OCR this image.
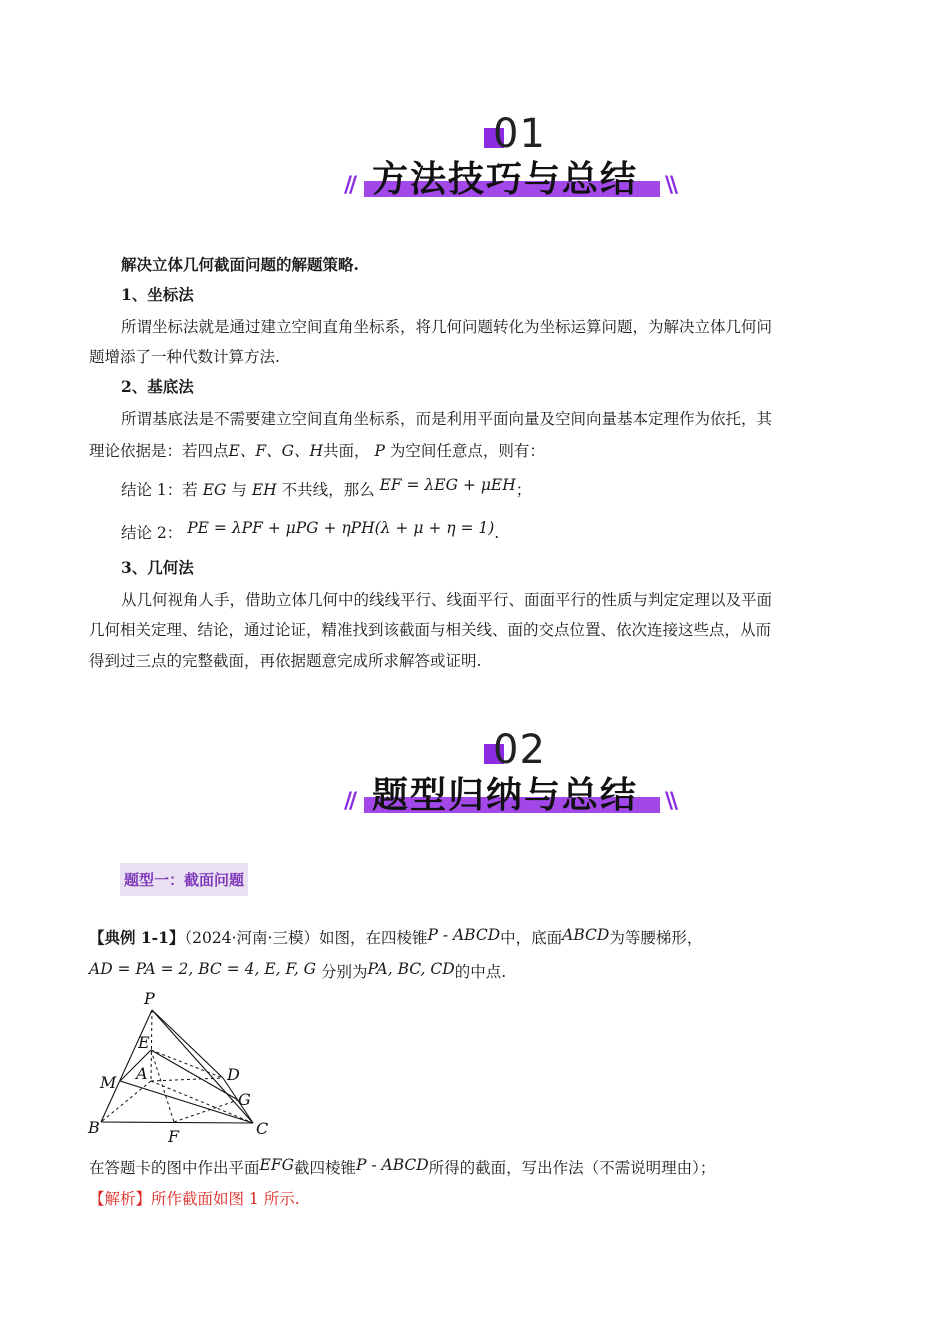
01
方法技巧与总结
//	\\
解决立体几何截面问题的解题策略.
1、坐标法
所谓坐标法就是通过建立空间直角坐标系，将几何问题转化为坐标运算问题，为解决立体几何问
题增添了一种代数计算方法.
2、基底法
所谓基底法是不需要建立空间直角坐标系，而是利用平面向量及空间向量基本定理作为依托，其
理论依据是：若四点E、F、G、H共面， P 为空间任意点，则有：
结论 1：若 EG 与 EH 不共线，那么 EF = λEG + μEH；
结论 2： PE = λPF + μPG + ηPH(λ + μ + η = 1).
3、几何法
从几何视角人手，借助立体几何中的线线平行、线面平行、面面平行的性质与判定定理以及平面
几何相关定理、结论，通过论证，精准找到该截面与相关线、面的交点位置、依次连接这些点，从而
得到过三点的完整截面，再依据题意完成所求解答或证明.
02
题型归纳与总结
//	\\
题型一：截面问题
【典例 1-1】（2024·河南·三模）如图，在四棱锥P - ABCD中，底面ABCD为等腰梯形，
AD = PA = 2, BC = 4, E, F, G 分别为PA, BC, CD的中点.
P
E
A	D
M
G
B	F	C
在答题卡的图中作出平面EFG截四棱锥P - ABCD所得的截面，写出作法（不需说明理由）；
【解析】所作截面如图 1 所示.
